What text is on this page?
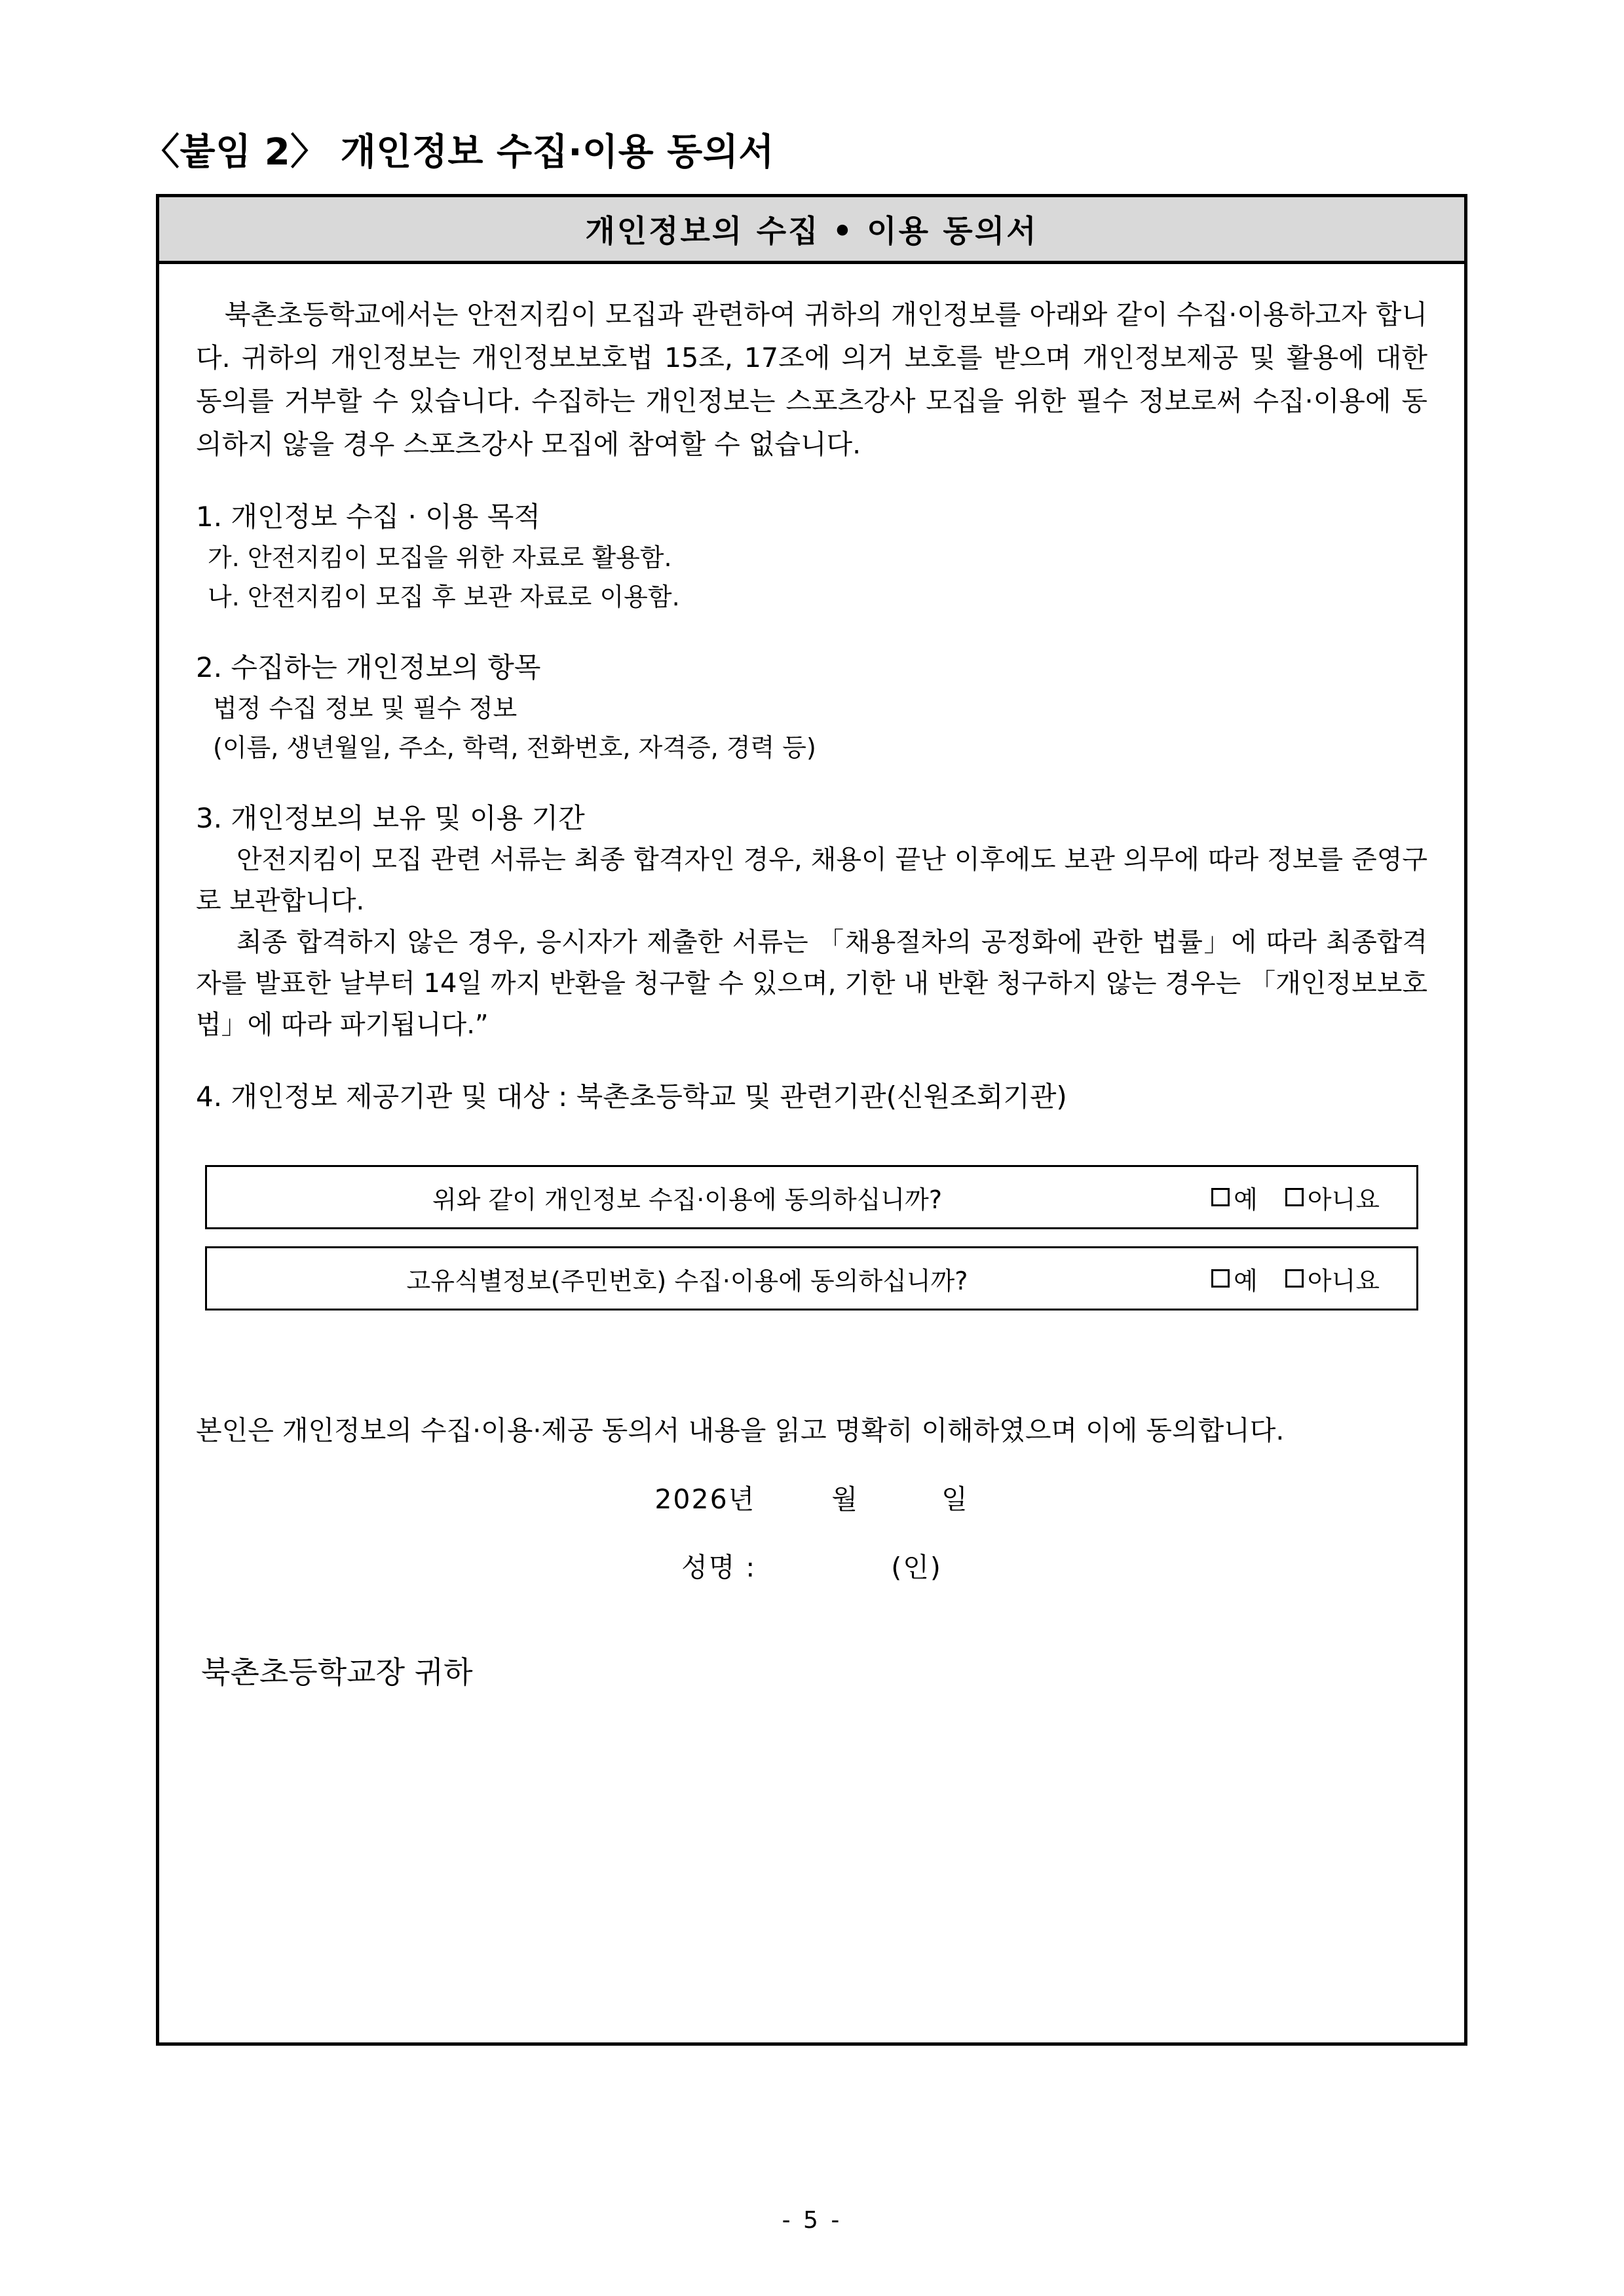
〈붙임 2〉 개인정보 수집·이용 동의서
개인정보의 수집 • 이용 동의서
북촌초등학교에서는 안전지킴이 모집과 관련하여 귀하의 개인정보를 아래와 같이 수집·이용하고자 합니다. 귀하의 개인정보는 개인정보보호법 15조, 17조에 의거 보호를 받으며 개인정보제공 및 활용에 대한 동의를 거부할 수 있습니다. 수집하는 개인정보는 스포츠강사 모집을 위한 필수 정보로써 수집·이용에 동의하지 않을 경우 스포츠강사 모집에 참여할 수 없습니다.
1. 개인정보 수집 · 이용 목적
가. 안전지킴이 모집을 위한 자료로 활용함.
나. 안전지킴이 모집 후 보관 자료로 이용함.
2. 수집하는 개인정보의 항목
법정 수집 정보 및 필수 정보
(이름, 생년월일, 주소, 학력, 전화번호, 자격증, 경력 등)
3. 개인정보의 보유 및 이용 기간
안전지킴이 모집 관련 서류는 최종 합격자인 경우, 채용이 끝난 이후에도 보관 의무에 따라 정보를 준영구로 보관합니다.
최종 합격하지 않은 경우, 응시자가 제출한 서류는 「채용절차의 공정화에 관한 법률」에 따라 최종합격자를 발표한 날부터 14일 까지 반환을 청구할 수 있으며, 기한 내 반환 청구하지 않는 경우는 「개인정보보호법」에 따라 파기됩니다.”
4. 개인정보 제공기관 및 대상 : 북촌초등학교 및 관련기관(신원조회기관)
위와 같이 개인정보 수집·이용에 동의하십니까?	예 아니요
고유식별정보(주민번호) 수집·이용에 동의하십니까?	예 아니요
본인은 개인정보의 수집·이용·제공 동의서 내용을 읽고 명확히 이해하였으며 이에 동의합니다.
2026년	월	일
성명 :	(인)
북촌초등학교장 귀하
- 5 -
